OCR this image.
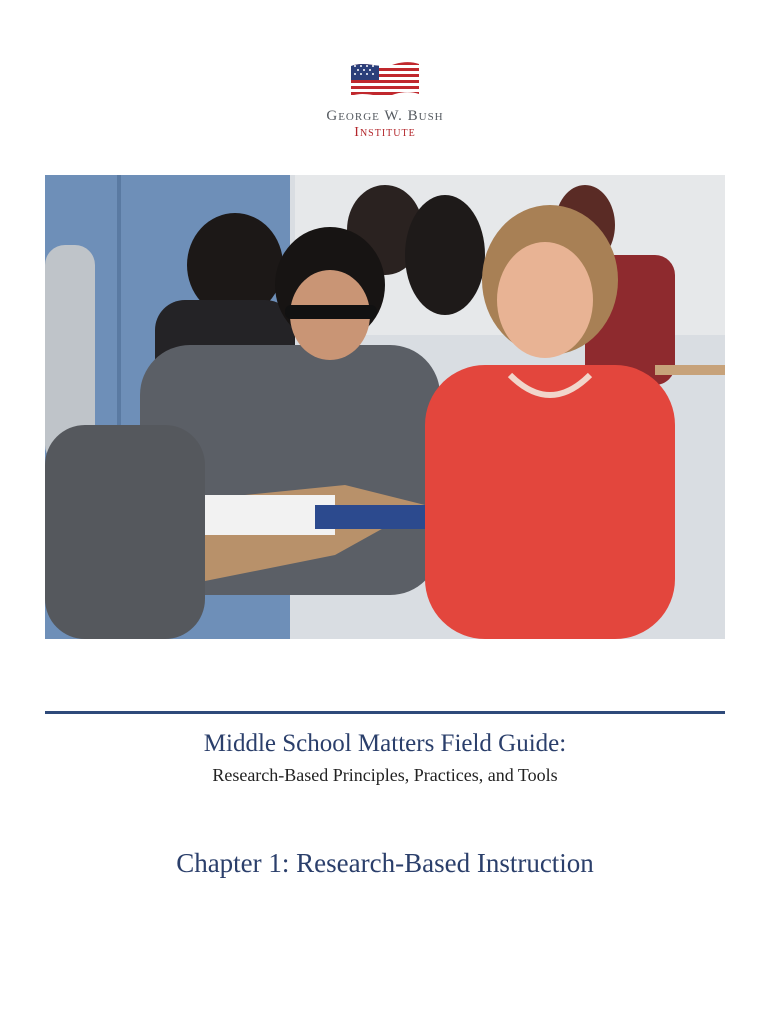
George W. Bush
Institute
Middle School Matters Field Guide:
Research-Based Principles, Practices, and Tools
Chapter 1: Research-Based Instruction
